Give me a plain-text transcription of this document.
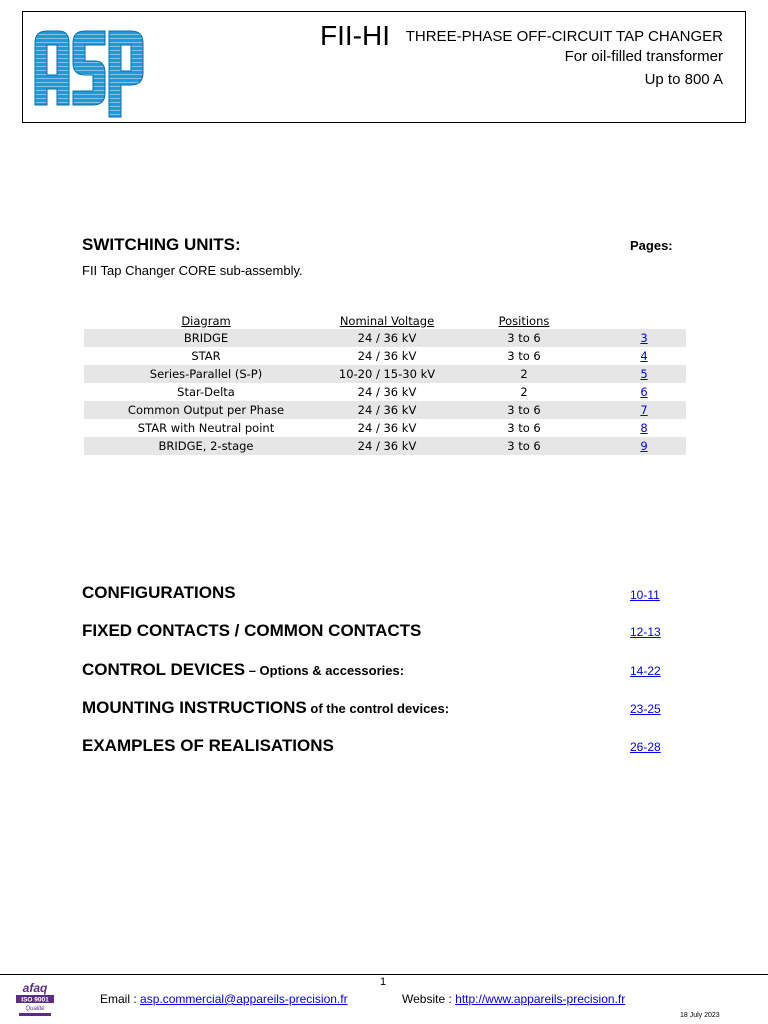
FII-HI THREE-PHASE OFF-CIRCUIT TAP CHANGER
For oil-filled transformer
Up to 800 A
SWITCHING UNITS:	Pages:
FII Tap Changer CORE sub-assembly.
Diagram	Nominal Voltage	Positions	
BRIDGE	24 / 36 kV	3 to 6	3
STAR	24 / 36 kV	3 to 6	4
Series-Parallel (S-P)	10-20 / 15-30 kV	2	5
Star-Delta	24 / 36 kV	2	6
Common Output per Phase	24 / 36 kV	3 to 6	7
STAR with Neutral point	24 / 36 kV	3 to 6	8
BRIDGE, 2-stage	24 / 36 kV	3 to 6	9
CONFIGURATIONS	10-11
FIXED CONTACTS / COMMON CONTACTS	12-13
CONTROL DEVICES – Options & accessories:	14-22
MOUNTING INSTRUCTIONS of the control devices:	23-25
EXAMPLES OF REALISATIONS	26-28
1
afaq
ISO 9001
Qualité
Email : asp.commercial@appareils-precision.fr	Website : http://www.appareils-precision.fr
18 July 2023
